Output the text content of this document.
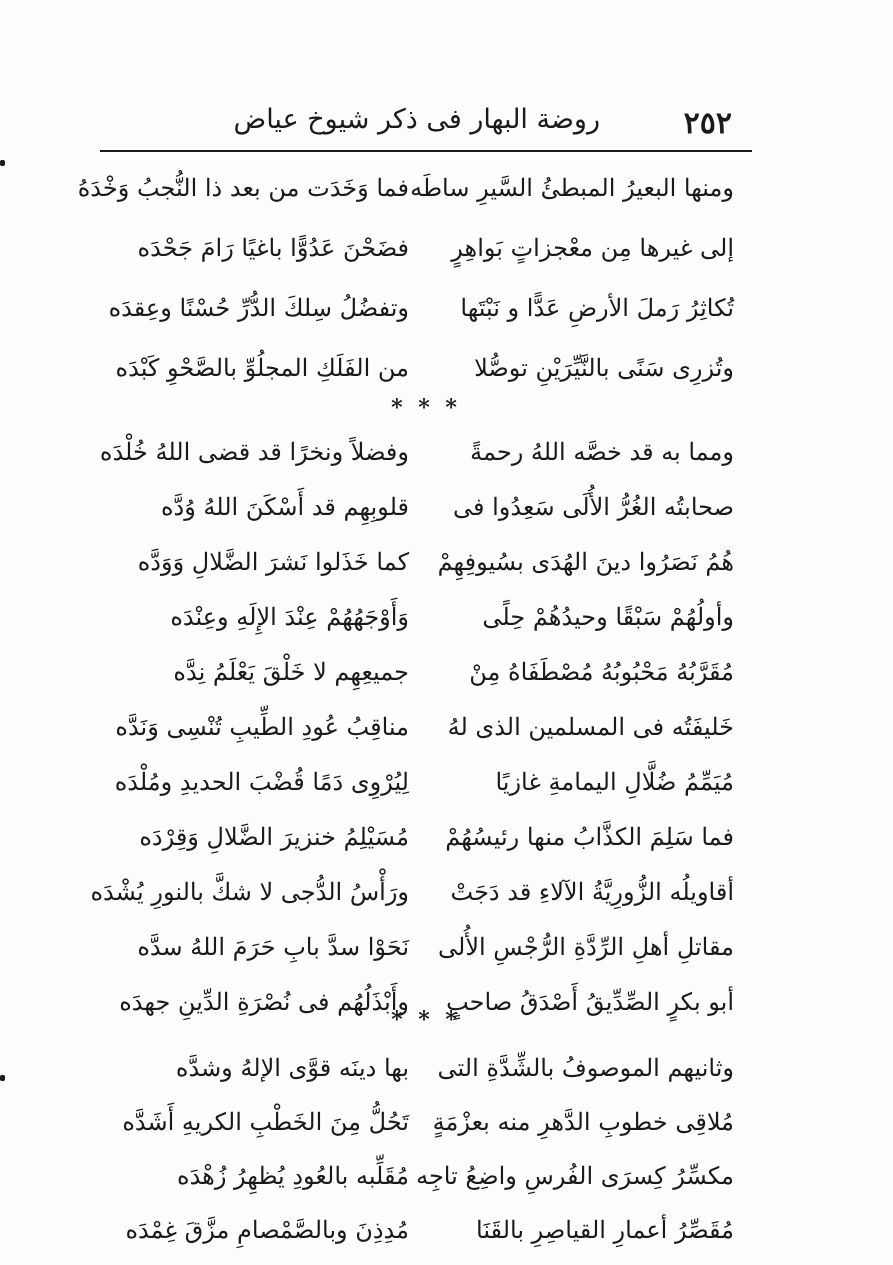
٢٥٢
روضة البهار فى ذكر شيوخ عياض
ومنها البعيرُ المبطئُ السَّيرِ ساطَه
فما وَخَدَت من بعد ذا النُّجبُ وَخْدَهُ
إلى غيرها مِن معْجزاتٍ بَواهِرٍ
فضَحْنَ عَدُوًّا باغيًا رَامَ جَحْدَه
تُكاثِرُ رَملَ الأرضِ عَدًّا و نَبْتَها
وتفضُلُ سِلكَ الدُّرِّ حُسْنًا وعِقدَه
وتُزرِى سَنًى بالنَّيِّرَيْنِ توصُّلا
من الفَلَكِ المجلُوِّ بالصَّحْوِ كَبْدَه
* * *
ومما به قد خصَّه اللهُ رحمةً
وفضلاً ونخرًا قد قضى اللهُ خُلْدَه
صحابتُه الغُرُّ الأُلَى سَعِدُوا فى
قلوبِهِم قد أَسْكَنَ اللهُ وُدَّه
هُمُ نَصَرُوا دينَ الهُدَى بسُيوفِهِمْ
كما خَذَلوا نَشرَ الضَّلالِ وَوَدَّه
وأولُهُمْ سَبْقًا وحيدُهُمْ حِلًى
وَأَوْجَهُهُمْ عِنْدَ الإِلَهِ وعِنْدَه
مُقَرَّبُهُ مَحْبُوبُهُ مُصْطَفَاهُ مِنْ
جميعِهِم لا خَلْقَ يَعْلَمُ نِدَّه
خَليفَتُه فى المسلمين الذى لهُ
مناقِبُ عُودِ الطِّيبِ تُنْسِى وَنَدَّه
مُيَمِّمُ ضُلَّالِ اليمامةِ غازيًا
لِيُرْوِى دَمًا قُضْبَ الحديدِ ومُلْدَه
فما سَلِمَ الكذَّابُ منها رئيسُهُمْ
مُسَيْلِمُ خنزيرَ الضَّلالِ وَقِرْدَه
أقاويلُه الزُّورِيَّةُ الآلاءِ قد دَجَتْ
ورَأْسُ الدُّجى لا شكَّ بالنورِ يُشْدَه
مقاتلِ أهلِ الرِّدَّةِ الرُّجْسِ الأُلى
نَحَوْا سدَّ بابِ حَرَمَ اللهُ سدَّه
أبو بكرٍ الصِّدِّيقُ أَصْدَقُ صاحبٍ
وأَبْذَلُهُم فى نُصْرَةِ الدِّينِ جهدَه
* * *
وثانيهم الموصوفُ بالشِّدَّةِ التى
بها دينَه قوَّى الإلهُ وشدَّه
مُلاقِى خطوبِ الدَّهرِ منه بعزْمَةٍ
تَحُلُّ مِنَ الخَطْبِ الكريهِ أَشَدَّه
مكسِّرُ كِسرَى الفُرسِ واضِعُ تاجِه
مُقَلِّبه بالعُودِ يُظهِرُ زُهْدَه
مُقَصِّرُ أعمارِ القياصِرِ بالقَنَا
مُدِذِنَ وبالصَّمْصامِ مزَّقَ غِمْدَه
